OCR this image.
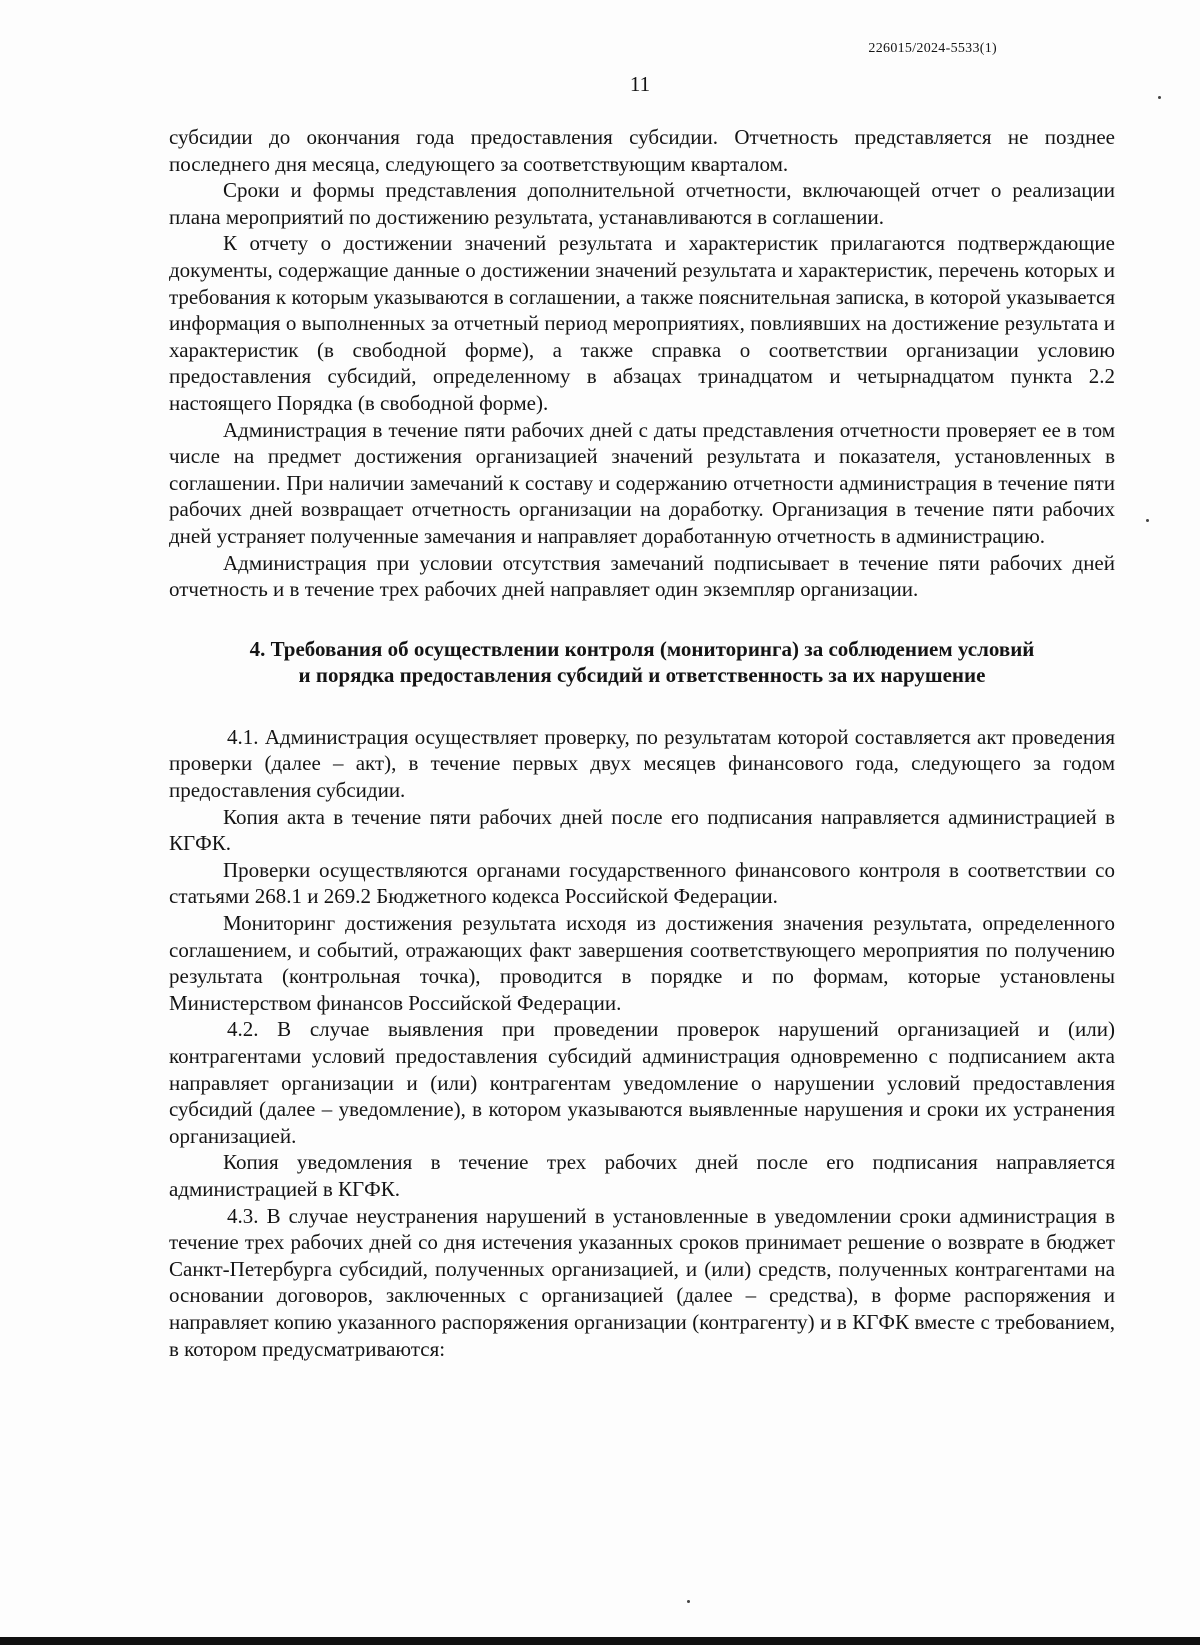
226015/2024-5533(1)
11

субсидии до окончания года предоставления субсидии. Отчетность представляется не позднее последнего дня месяца, следующего за соответствующим кварталом.

Сроки и формы представления дополнительной отчетности, включающей отчет о реализации плана мероприятий по достижению результата, устанавливаются в соглашении.

К отчету о достижении значений результата и характеристик прилагаются подтверждающие документы, содержащие данные о достижении значений результата и характеристик, перечень которых и требования к которым указываются в соглашении, а также пояснительная записка, в которой указывается информация о выполненных за отчетный период мероприятиях, повлиявших на достижение результата и характеристик (в свободной форме), а также справка о соответствии организации условию предоставления субсидий, определенному в абзацах тринадцатом и четырнадцатом пункта 2.2 настоящего Порядка (в свободной форме).

Администрация в течение пяти рабочих дней с даты представления отчетности проверяет ее в том числе на предмет достижения организацией значений результата и показателя, установленных в соглашении. При наличии замечаний к составу и содержанию отчетности администрация в течение пяти рабочих дней возвращает отчетность организации на доработку. Организация в течение пяти рабочих дней устраняет полученные замечания и направляет доработанную отчетность в администрацию.

Администрация при условии отсутствия замечаний подписывает в течение пяти рабочих дней отчетность и в течение трех рабочих дней направляет один экземпляр организации.

4. Требования об осуществлении контроля (мониторинга) за соблюдением условий
и порядка предоставления субсидий и ответственность за их нарушение

4.1. Администрация осуществляет проверку, по результатам которой составляется акт проведения проверки (далее – акт), в течение первых двух месяцев финансового года, следующего за годом предоставления субсидии.

Копия акта в течение пяти рабочих дней после его подписания направляется администрацией в КГФК.

Проверки осуществляются органами государственного финансового контроля в соответствии со статьями 268.1 и 269.2 Бюджетного кодекса Российской Федерации.

Мониторинг достижения результата исходя из достижения значения результата, определенного соглашением, и событий, отражающих факт завершения соответствующего мероприятия по получению результата (контрольная точка), проводится в порядке и по формам, которые установлены Министерством финансов Российской Федерации.

4.2. В случае выявления при проведении проверок нарушений организацией и (или) контрагентами условий предоставления субсидий администрация одновременно с подписанием акта направляет организации и (или) контрагентам уведомление о нарушении условий предоставления субсидий (далее – уведомление), в котором указываются выявленные нарушения и сроки их устранения организацией.

Копия уведомления в течение трех рабочих дней после его подписания направляется администрацией в КГФК.

4.3. В случае неустранения нарушений в установленные в уведомлении сроки администрация в течение трех рабочих дней со дня истечения указанных сроков принимает решение о возврате в бюджет Санкт-Петербурга субсидий, полученных организацией, и (или) средств, полученных контрагентами на основании договоров, заключенных с организацией (далее – средства), в форме распоряжения и направляет копию указанного распоряжения организации (контрагенту) и в КГФК вместе с требованием, в котором предусматриваются:
